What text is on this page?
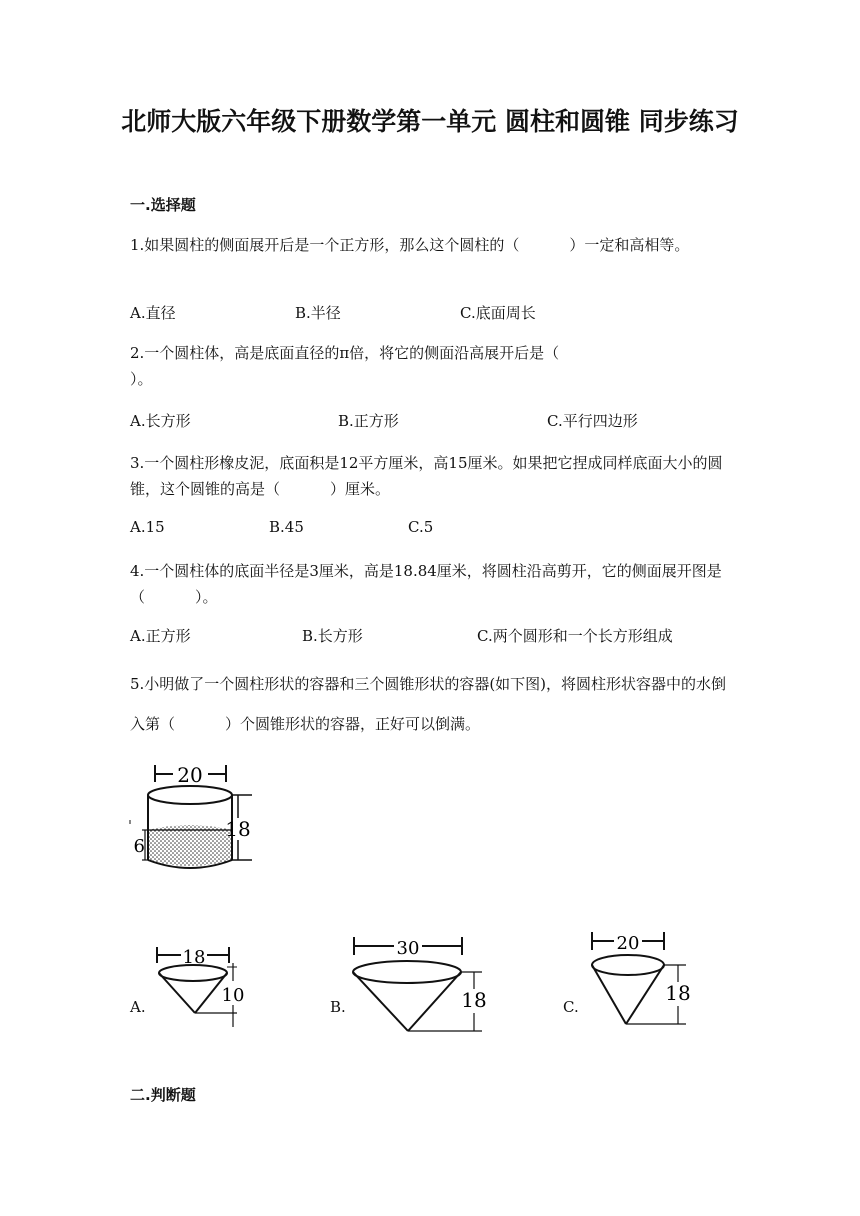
北师大版六年级下册数学第一单元 圆柱和圆锥 同步练习
一.选择题
1.如果圆柱的侧面展开后是一个正方形，那么这个圆柱的（	）一定和高相等。
A.直径	B.半径	C.底面周长
2.一个圆柱体，高是底面直径的π倍，将它的侧面沿高展开后是（）。
A.长方形	B.正方形	C.平行四边形
3.一个圆柱形橡皮泥，底面积是12平方厘米，高15厘米。如果把它捏成同样底面大小的圆锥，这个圆锥的高是（	）厘米。
A.15	B.45	C.5
4.一个圆柱体的底面半径是3厘米，高是18.84厘米，将圆柱沿高剪开，它的侧面展开图是（	）。
A.正方形	B.长方形	C.两个圆形和一个长方形组成
5.小明做了一个圆柱形状的容器和三个圆锥形状的容器(如下图)，将圆柱形状容器中的水倒入第（	）个圆锥形状的容器，正好可以倒满。
20
18
6
A.
18
10
B.
30
18	C.
20
18
二.判断题
